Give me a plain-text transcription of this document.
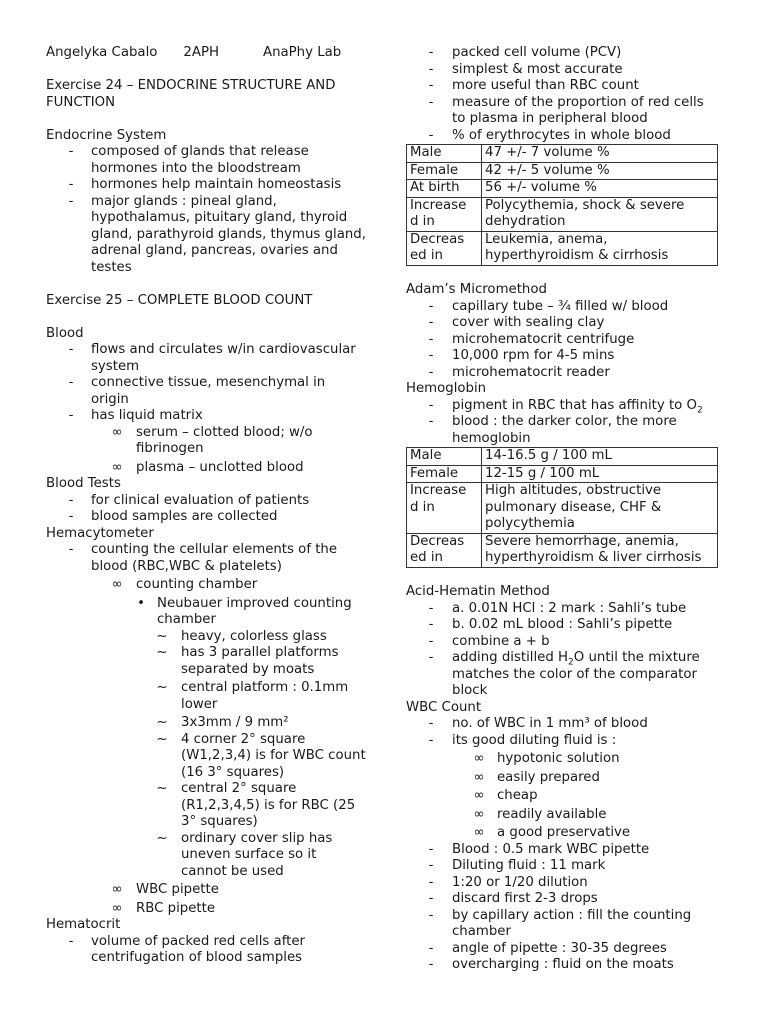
Angelyka Cabalo 2APH	AnaPhy Lab

Exercise 24 – ENDOCRINE STRUCTURE AND FUNCTION

Endocrine System

-	composed of glands that release hormones into the bloodstream
-	hormones help maintain homeostasis
-	major glands : pineal gland, hypothalamus, pituitary gland, thyroid gland, parathyroid glands, thymus gland, adrenal gland, pancreas, ovaries and testes

Exercise 25 – COMPLETE BLOOD COUNT

Blood

-	flows and circulates w/in cardiovascular system
-	connective tissue, mesenchymal in origin
-	has liquid matrix
∞ serum – clotted blood; w/o fibrinogen
∞ plasma – unclotted blood

Blood Tests

-	for clinical evaluation of patients
-	blood samples are collected

Hemacytometer

-	counting the cellular elements of the blood (RBC,WBC & platelets)
∞ counting chamber
• Neubauer improved counting chamber
~ heavy, colorless glass
~ has 3 parallel platforms separated by moats
~ central platform : 0.1mm lower
~ 3x3mm / 9 mm²
~ 4 corner 2° square (W1,2,3,4) is for WBC count (16 3° squares)
~ central 2° square (R1,2,3,4,5) is for RBC (25 3° squares)
~ ordinary cover slip has uneven surface so it cannot be used
∞ WBC pipette
∞ RBC pipette

Hematocrit

-	volume of packed red cells after centrifugation of blood samples
-	packed cell volume (PCV)
-	simplest & most accurate
-	more useful than RBC count
-	measure of the proportion of red cells to plasma in peripheral blood
-	% of erythrocytes in whole blood
Male	47 +/- 7 volume %
Female	42 +/- 5 volume %
At birth	56 +/- volume %
Increase d in	Polycythemia, shock & severe dehydration
Decreas ed in	Leukemia, anema, hyperthyroidism & cirrhosis

Adam’s Micromethod

-	capillary tube – ¾ filled w/ blood
-	cover with sealing clay
-	microhematocrit centrifuge
-	10,000 rpm for 4-5 mins
-	microhematocrit reader

Hemoglobin

-	pigment in RBC that has affinity to $O_2$
-	blood : the darker color, the more hemoglobin
Male	14-16.5 g / 100 mL
Female	12-15 g / 100 mL
Increase d in	High altitudes, obstructive pulmonary disease, CHF & polycythemia
Decreas ed in	Severe hemorrhage, anemia, hyperthyroidism & liver cirrhosis

Acid-Hematin Method

-	a. 0.01N HCl : 2 mark : Sahli’s tube
-	b. 0.02 mL blood : Sahli’s pipette
-	combine a + b
-	adding distilled $H_2O$ until the mixture matches the color of the comparator block

WBC Count

-	no. of WBC in 1 mm³ of blood
-	its good diluting fluid is :
∞ hypotonic solution
∞ easily prepared
∞ cheap
∞ readily available
∞ a good preservative
-	Blood : 0.5 mark WBC pipette
-	Diluting fluid : 11 mark
-	1:20 or 1/20 dilution
-	discard first 2-3 drops
-	by capillary action : fill the counting chamber
-	angle of pipette : 30-35 degrees
-	overcharging : fluid on the moats
